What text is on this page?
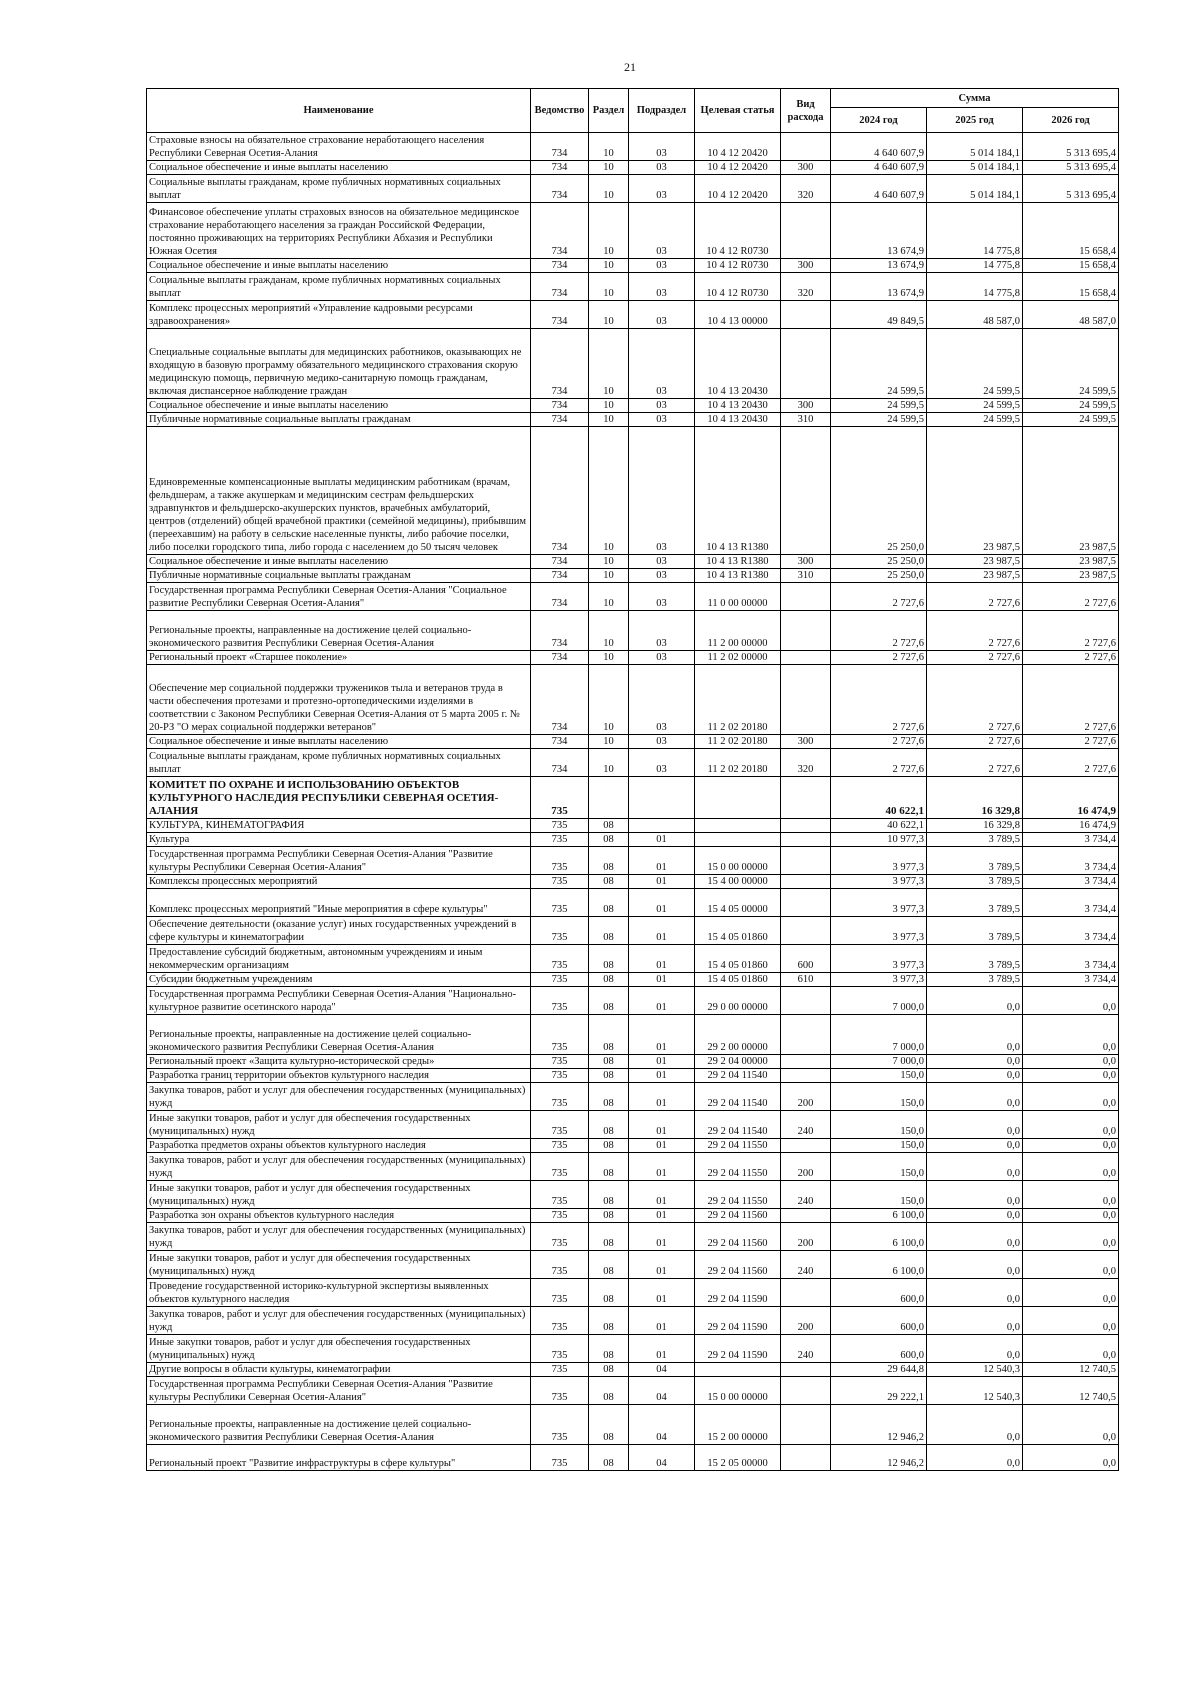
21
Наименование	Ведомство	Раздел	Подраздел	Целевая статья	Вид расхода	Сумма		
						2024 год	2025 год	2026 год
Страховые взносы на обязательное страхование неработающего населения Республики Северная Осетия-Алания	734	10	03	10 4 12 20420		4 640 607,9	5 014 184,1	5 313 695,4
Социальное обеспечение и иные выплаты населению	734	10	03	10 4 12 20420	300	4 640 607,9	5 014 184,1	5 313 695,4
Социальные выплаты гражданам, кроме публичных нормативных социальных выплат	734	10	03	10 4 12 20420	320	4 640 607,9	5 014 184,1	5 313 695,4
Финансовое обеспечение уплаты страховых взносов на обязательное медицинское страхование неработающего населения за граждан Российской Федерации, постоянно проживающих на территориях Республики Абхазия и Республики Южная Осетия	734	10	03	10 4 12 R0730		13 674,9	14 775,8	15 658,4
Социальное обеспечение и иные выплаты населению	734	10	03	10 4 12 R0730	300	13 674,9	14 775,8	15 658,4
Социальные выплаты гражданам, кроме публичных нормативных социальных выплат	734	10	03	10 4 12 R0730	320	13 674,9	14 775,8	15 658,4
Комплекс процессных мероприятий «Управление кадровыми ресурсами здравоохранения»	734	10	03	10 4 13 00000		49 849,5	48 587,0	48 587,0
Специальные социальные выплаты для медицинских работников, оказывающих не входящую в базовую программу обязательного медицинского страхования скорую медицинскую помощь, первичную медико-санитарную помощь гражданам, включая диспансерное наблюдение граждан	734	10	03	10 4 13 20430		24 599,5	24 599,5	24 599,5
Социальное обеспечение и иные выплаты населению	734	10	03	10 4 13 20430	300	24 599,5	24 599,5	24 599,5
Публичные нормативные социальные выплаты гражданам	734	10	03	10 4 13 20430	310	24 599,5	24 599,5	24 599,5
Единовременные компенсационные выплаты медицинским работникам (врачам, фельдшерам, а также акушеркам и медицинским сестрам фельдшерских здравпунктов и фельдшерско-акушерских пунктов, врачебных амбулаторий, центров (отделений) общей врачебной практики (семейной медицины), прибывшим (переехавшим) на работу в сельские населенные пункты, либо рабочие поселки, либо поселки городского типа, либо города с населением до 50 тысяч человек	734	10	03	10 4 13 R1380		25 250,0	23 987,5	23 987,5
Социальное обеспечение и иные выплаты населению	734	10	03	10 4 13 R1380	300	25 250,0	23 987,5	23 987,5
Публичные нормативные социальные выплаты гражданам	734	10	03	10 4 13 R1380	310	25 250,0	23 987,5	23 987,5
Государственная программа Республики Северная Осетия-Алания "Социальное развитие Республики Северная Осетия-Алания"	734	10	03	11 0 00 00000		2 727,6	2 727,6	2 727,6
Региональные проекты, направленные на достижение целей социально-экономического развития Республики Северная Осетия-Алания	734	10	03	11 2 00 00000		2 727,6	2 727,6	2 727,6
Региональный проект «Старшее поколение»	734	10	03	11 2 02 00000		2 727,6	2 727,6	2 727,6
Обеспечение мер социальной поддержки тружеников тыла и ветеранов труда в части обеспечения протезами и протезно-ортопедическими изделиями в соответствии с Законом Республики Северная Осетия-Алания от 5 марта 2005 г. № 20-РЗ "О мерах социальной поддержки ветеранов"	734	10	03	11 2 02 20180		2 727,6	2 727,6	2 727,6
Социальное обеспечение и иные выплаты населению	734	10	03	11 2 02 20180	300	2 727,6	2 727,6	2 727,6
Социальные выплаты гражданам, кроме публичных нормативных социальных выплат	734	10	03	11 2 02 20180	320	2 727,6	2 727,6	2 727,6
КОМИТЕТ ПО ОХРАНЕ И ИСПОЛЬЗОВАНИЮ ОБЪЕКТОВ КУЛЬТУРНОГО НАСЛЕДИЯ РЕСПУБЛИКИ СЕВЕРНАЯ ОСЕТИЯ-АЛАНИЯ	735					40 622,1	16 329,8	16 474,9
КУЛЬТУРА, КИНЕМАТОГРАФИЯ	735	08				40 622,1	16 329,8	16 474,9
Культура	735	08	01			10 977,3	3 789,5	3 734,4
Государственная программа Республики Северная Осетия-Алания "Развитие культуры Республики Северная Осетия-Алания"	735	08	01	15 0 00 00000		3 977,3	3 789,5	3 734,4
Комплексы процессных мероприятий	735	08	01	15 4 00 00000		3 977,3	3 789,5	3 734,4
Комплекс процессных мероприятий "Иные мероприятия в сфере культуры"	735	08	01	15 4 05 00000		3 977,3	3 789,5	3 734,4
Обеспечение деятельности (оказание услуг) иных государственных учреждений в сфере культуры и кинематографии	735	08	01	15 4 05 01860		3 977,3	3 789,5	3 734,4
Предоставление субсидий бюджетным, автономным учреждениям и иным некоммерческим организациям	735	08	01	15 4 05 01860	600	3 977,3	3 789,5	3 734,4
Субсидии бюджетным учреждениям	735	08	01	15 4 05 01860	610	3 977,3	3 789,5	3 734,4
Государственная программа Республики Северная Осетия-Алания "Национально-культурное развитие осетинского народа"	735	08	01	29 0 00 00000		7 000,0	0,0	0,0
Региональные проекты, направленные на достижение целей социально-экономического развития Республики Северная Осетия-Алания	735	08	01	29 2 00 00000		7 000,0	0,0	0,0
Региональный проект «Защита культурно-исторической среды»	735	08	01	29 2 04 00000		7 000,0	0,0	0,0
Разработка границ территории объектов культурного наследия	735	08	01	29 2 04 11540		150,0	0,0	0,0
Закупка товаров, работ и услуг для обеспечения государственных (муниципальных) нужд	735	08	01	29 2 04 11540	200	150,0	0,0	0,0
Иные закупки товаров, работ и услуг для обеспечения государственных (муниципальных) нужд	735	08	01	29 2 04 11540	240	150,0	0,0	0,0
Разработка предметов охраны объектов культурного наследия	735	08	01	29 2 04 11550		150,0	0,0	0,0
Закупка товаров, работ и услуг для обеспечения государственных (муниципальных) нужд	735	08	01	29 2 04 11550	200	150,0	0,0	0,0
Иные закупки товаров, работ и услуг для обеспечения государственных (муниципальных) нужд	735	08	01	29 2 04 11550	240	150,0	0,0	0,0
Разработка зон охраны объектов культурного наследия	735	08	01	29 2 04 11560		6 100,0	0,0	0,0
Закупка товаров, работ и услуг для обеспечения государственных (муниципальных) нужд	735	08	01	29 2 04 11560	200	6 100,0	0,0	0,0
Иные закупки товаров, работ и услуг для обеспечения государственных (муниципальных) нужд	735	08	01	29 2 04 11560	240	6 100,0	0,0	0,0
Проведение государственной историко-культурной экспертизы выявленных объектов культурного наследия	735	08	01	29 2 04 11590		600,0	0,0	0,0
Закупка товаров, работ и услуг для обеспечения государственных (муниципальных) нужд	735	08	01	29 2 04 11590	200	600,0	0,0	0,0
Иные закупки товаров, работ и услуг для обеспечения государственных (муниципальных) нужд	735	08	01	29 2 04 11590	240	600,0	0,0	0,0
Другие вопросы в области культуры, кинематографии	735	08	04			29 644,8	12 540,3	12 740,5
Государственная программа Республики Северная Осетия-Алания "Развитие культуры Республики Северная Осетия-Алания"	735	08	04	15 0 00 00000		29 222,1	12 540,3	12 740,5
Региональные проекты, направленные на достижение целей социально-экономического развития Республики Северная Осетия-Алания	735	08	04	15 2 00 00000		12 946,2	0,0	0,0
Региональный проект "Развитие инфраструктуры в сфере культуры"	735	08	04	15 2 05 00000		12 946,2	0,0	0,0
